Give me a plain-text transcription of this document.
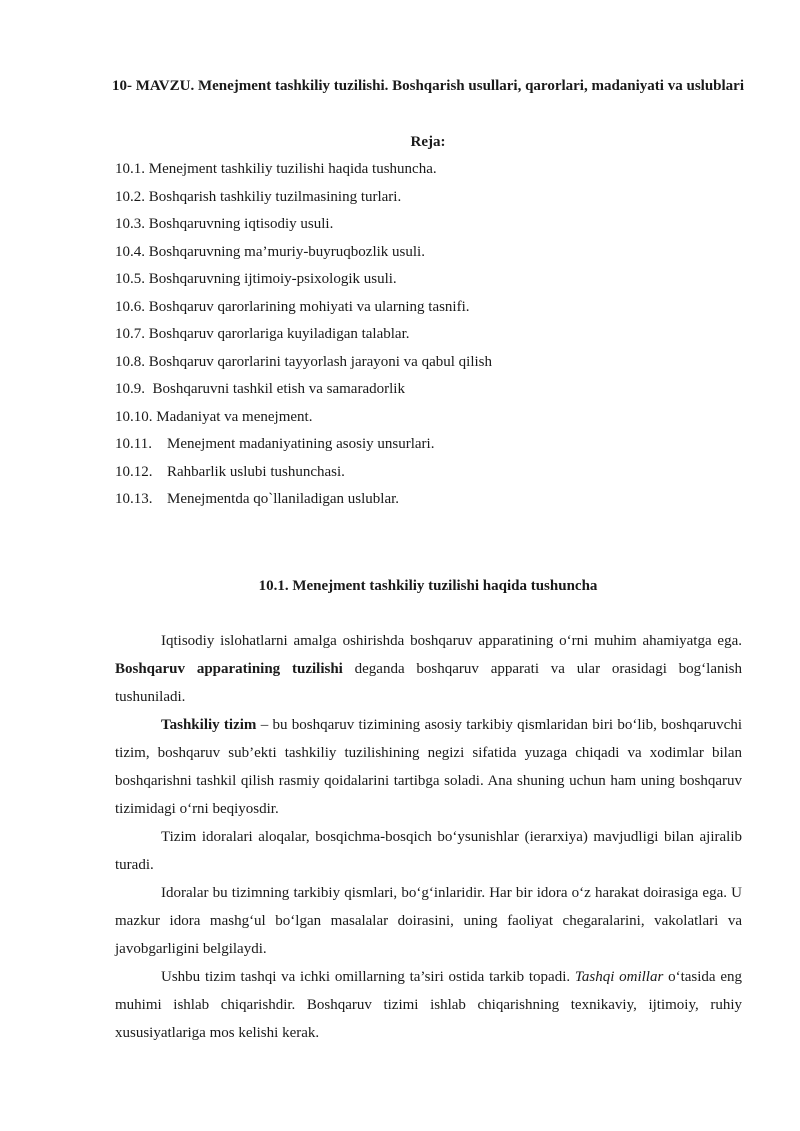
10- MAVZU. Menejment tashkiliy tuzilishi. Boshqarish usullari, qarorlari, madaniyati va uslublari
Reja:
10.1. Menejment tashkiliy tuzilishi haqida tushuncha.
10.2. Boshqarish tashkiliy tuzilmasining turlari.
10.3. Boshqaruvning iqtisodiy usuli.
10.4. Boshqaruvning ma’muriy-buyruqbozlik usuli.
10.5. Boshqaruvning ijtimoiy-psixologik usuli.
10.6. Boshqaruv qarorlarining mohiyati va ularning tasnifi.
10.7. Boshqaruv qarorlariga kuyiladigan talablar.
10.8. Boshqaruv qarorlarini tayyorlash jarayoni va qabul qilish
10.9.  Boshqaruvni tashkil etish va samaradorlik
10.10. Madaniyat va menejment.
10.11. Menejment madaniyatining asosiy unsurlari.
10.12. Rahbarlik uslubi tushunchasi.
10.13. Menejmentda qo`llaniladigan uslublar.
10.1. Menejment tashkiliy tuzilishi haqida tushuncha

Iqtisodiy islohatlarni amalga oshirishda boshqaruv apparatining o‘rni muhim ahamiyatga ega. Boshqaruv apparatining tuzilishi deganda boshqaruv apparati va ular orasidagi bog‘lanish tushuniladi.

Tashkiliy tizim – bu boshqaruv tizimining asosiy tarkibiy qismlaridan biri bo‘lib, boshqaruvchi tizim, boshqaruv sub’ekti tashkiliy tuzilishining negizi sifatida yuzaga chiqadi va xodimlar bilan boshqarishni tashkil qilish rasmiy qoidalarini tartibga soladi. Ana shuning uchun ham uning boshqaruv tizimidagi o‘rni beqiyosdir.

Tizim idoralari aloqalar, bosqichma-bosqich bo‘ysunishlar (ierarxiya) mavjudligi bilan ajiralib turadi.

Idoralar bu tizimning tarkibiy qismlari, bo‘g‘inlaridir. Har bir idora o‘z harakat doirasiga ega. U mazkur idora mashg‘ul bo‘lgan masalalar doirasini, uning faoliyat chegaralarini, vakolatlari va javobgarligini belgilaydi.

Ushbu tizim tashqi va ichki omillarning ta’siri ostida tarkib topadi. Tashqi omillar o‘tasida eng muhimi ishlab chiqarishdir. Boshqaruv tizimi ishlab chiqarishning texnikaviy, ijtimoiy, ruhiy xususiyatlariga mos kelishi kerak.
